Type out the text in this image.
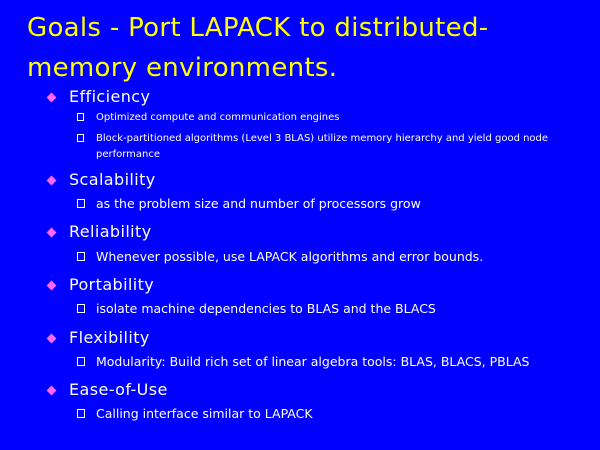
Goals - Port LAPACK to distributed-memory environments.
Efficiency
Optimized compute and communication engines
Block-partitioned algorithms (Level 3 BLAS) utilize memory hierarchy and yield good node
performance
Scalability
as the problem size and number of processors grow
Reliability
Whenever possible, use LAPACK algorithms and error bounds.
Portability
isolate machine dependencies to BLAS and the BLACS
Flexibility
Modularity: Build rich set of linear algebra tools: BLAS, BLACS, PBLAS
Ease-of-Use
Calling interface similar to LAPACK
